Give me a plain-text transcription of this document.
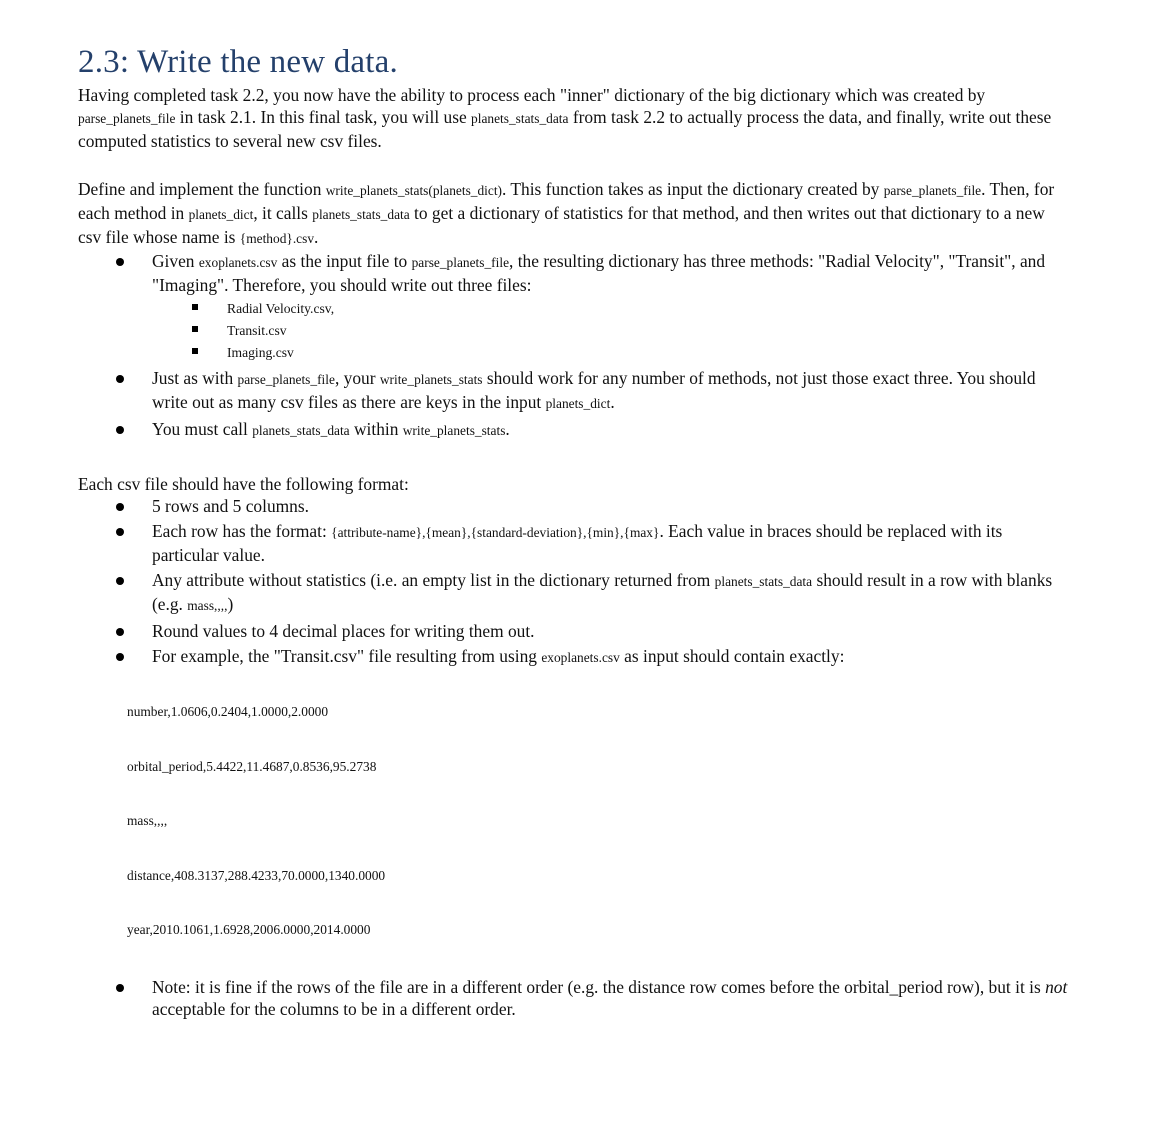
2.3: Write the new data.

Having completed task 2.2, you now have the ability to process each "inner" dictionary of the big dictionary which was created by parse_planets_file in task 2.1. In this final task, you will use planets_stats_data from task 2.2 to actually process the data, and finally, write out these computed statistics to several new csv files.

Define and implement the function write_planets_stats(planets_dict). This function takes as input the dictionary created by parse_planets_file. Then, for each method in planets_dict, it calls planets_stats_data to get a dictionary of statistics for that method, and then writes out that dictionary to a new csv file whose name is {method}.csv.

Given exoplanets.csv as the input file to parse_planets_file, the resulting dictionary has three methods: "Radial Velocity", "Transit", and "Imaging". Therefore, you should write out three files:
Radial Velocity.csv,
Transit.csv
Imaging.csv
Just as with parse_planets_file, your write_planets_stats should work for any number of methods, not just those exact three. You should write out as many csv files as there are keys in the input planets_dict.
You must call planets_stats_data within write_planets_stats.

Each csv file should have the following format:

5 rows and 5 columns.
Each row has the format: {attribute-name},{mean},{standard-deviation},{min},{max}. Each value in braces should be replaced with its particular value.
Any attribute without statistics (i.e. an empty list in the dictionary returned from planets_stats_data should result in a row with blanks (e.g. mass,,,,)
Round values to 4 decimal places for writing them out.
For example, the "Transit.csv" file resulting from using exoplanets.csv as input should contain exactly:
number,1.0606,0.2404,1.0000,2.0000
orbital_period,5.4422,11.4687,0.8536,95.2738
mass,,,,
distance,408.3137,288.4233,70.0000,1340.0000
year,2010.1061,1.6928,2006.0000,2014.0000
Note: it is fine if the rows of the file are in a different order (e.g. the distance row comes before the orbital_period row), but it is not acceptable for the columns to be in a different order.
